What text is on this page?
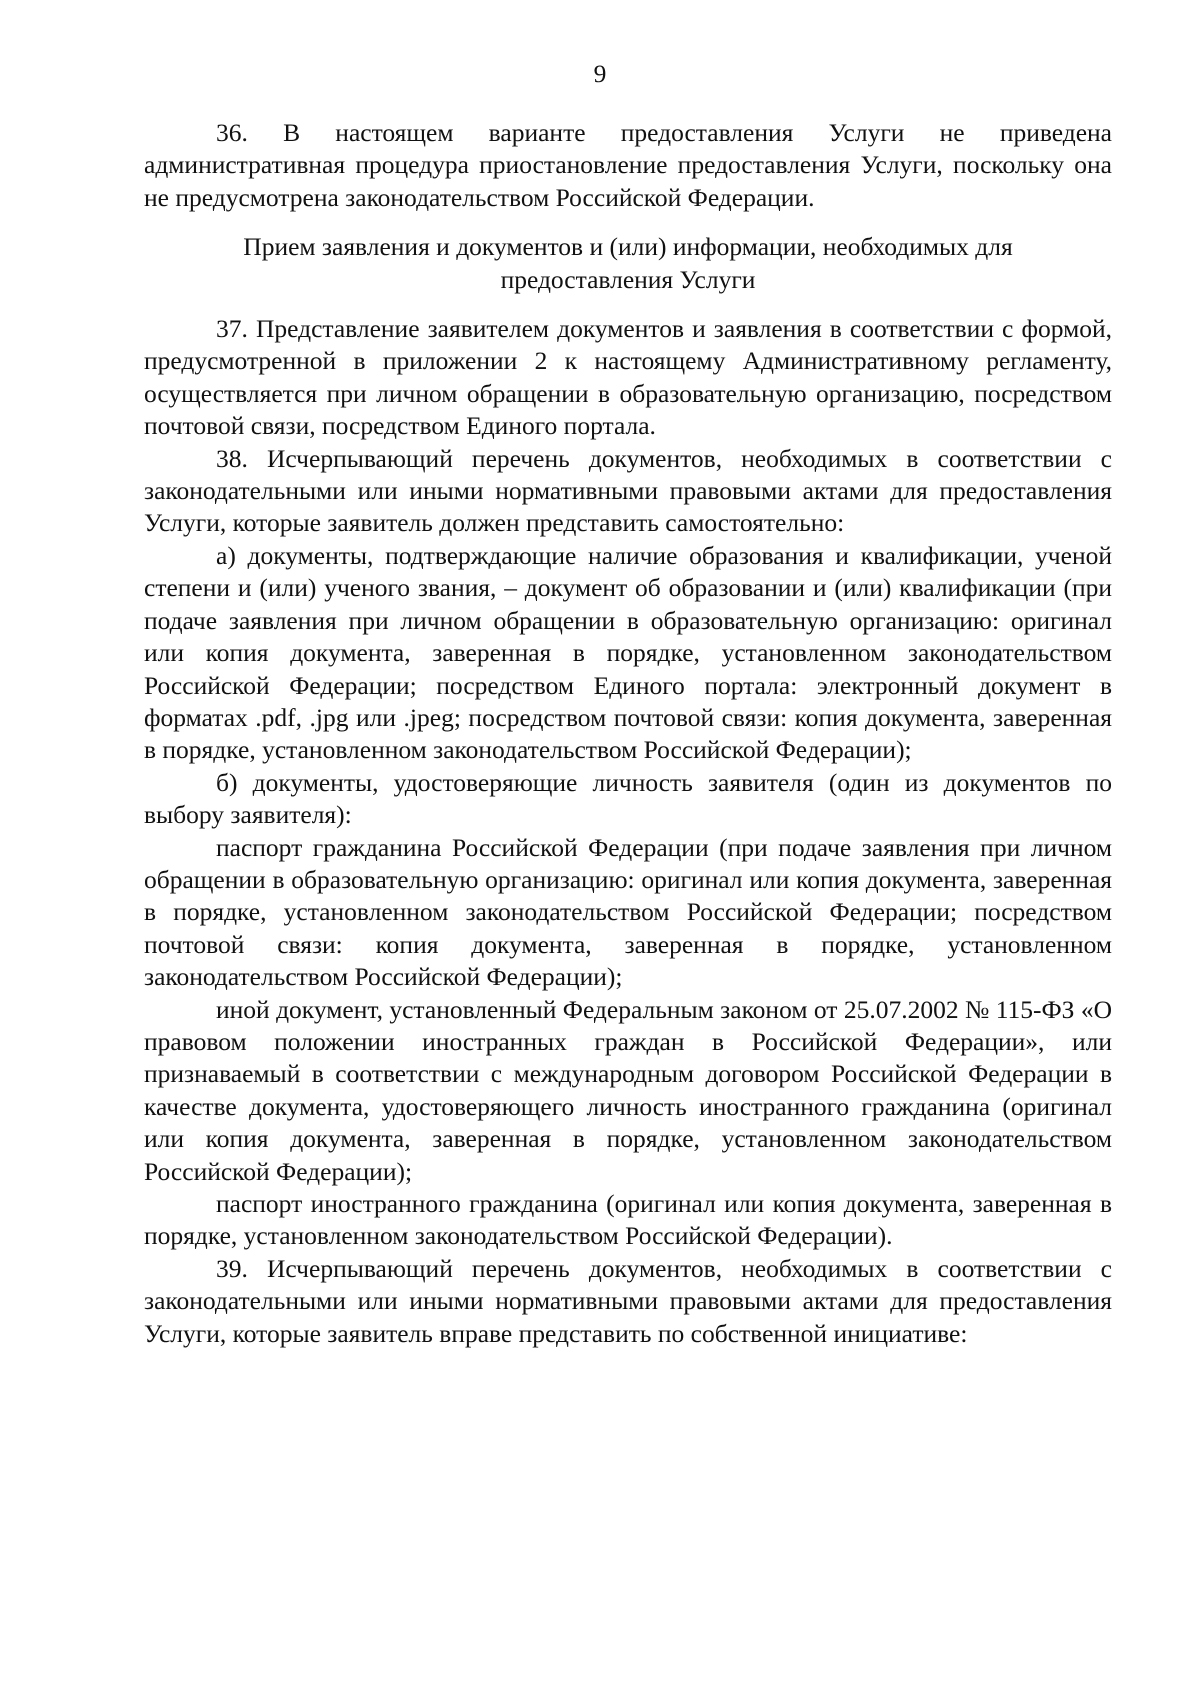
9

36. В настоящем варианте предоставления Услуги не приведена административная процедура приостановление предоставления Услуги, поскольку она не предусмотрена законодательством Российской Федерации.

Прием заявления и документов и (или) информации, необходимых для предоставления Услуги

37. Представление заявителем документов и заявления в соответствии с формой, предусмотренной в приложении 2 к настоящему Административному регламенту, осуществляется при личном обращении в образовательную организацию, посредством почтовой связи, посредством Единого портала.

38. Исчерпывающий перечень документов, необходимых в соответствии с законодательными или иными нормативными правовыми актами для предоставления Услуги, которые заявитель должен представить самостоятельно:

а) документы, подтверждающие наличие образования и квалификации, ученой степени и (или) ученого звания, – документ об образовании и (или) квалификации (при подаче заявления при личном обращении в образовательную организацию: оригинал или копия документа, заверенная в порядке, установленном законодательством Российской Федерации; посредством Единого портала: электронный документ в форматах .pdf, .jpg или .jpeg; посредством почтовой связи: копия документа, заверенная в порядке, установленном законодательством Российской Федерации);

б) документы, удостоверяющие личность заявителя (один из документов по выбору заявителя):

паспорт гражданина Российской Федерации (при подаче заявления при личном обращении в образовательную организацию: оригинал или копия документа, заверенная в порядке, установленном законодательством Российской Федерации; посредством почтовой связи: копия документа, заверенная в порядке, установленном законодательством Российской Федерации);

иной документ, установленный Федеральным законом от 25.07.2002 № 115-ФЗ «О правовом положении иностранных граждан в Российской Федерации», или признаваемый в соответствии с международным договором Российской Федерации в качестве документа, удостоверяющего личность иностранного гражданина (оригинал или копия документа, заверенная в порядке, установленном законодательством Российской Федерации);

паспорт иностранного гражданина (оригинал или копия документа, заверенная в порядке, установленном законодательством Российской Федерации).

39. Исчерпывающий перечень документов, необходимых в соответствии с законодательными или иными нормативными правовыми актами для предоставления Услуги, которые заявитель вправе представить по собственной инициативе:
